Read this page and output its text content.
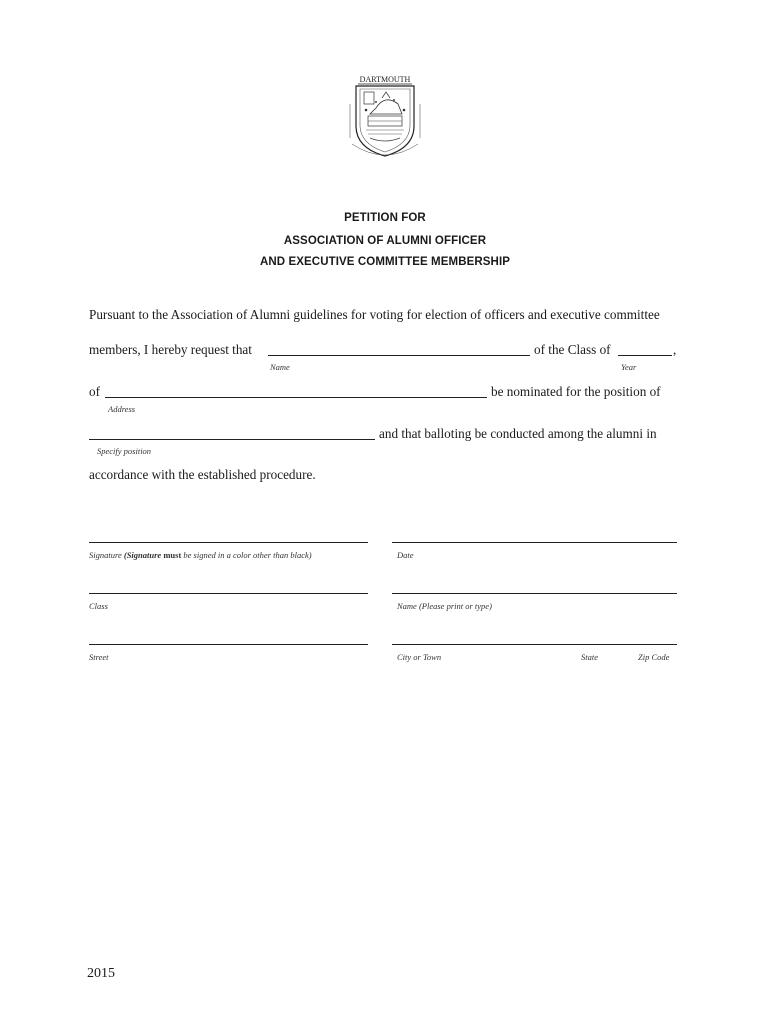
DARTMOUTH
PETITION FOR
ASSOCIATION OF ALUMNI OFFICER
AND EXECUTIVE COMMITTEE MEMBERSHIP
Pursuant to the Association of Alumni guidelines for voting for election of officers and executive committee
members, I hereby request that	of the Class of	,
Name	Year
of	be nominated for the position of
Address
and that balloting be conducted among the alumni in
Specify position
accordance with the established procedure.
Signature (Signature must be signed in a color other than black)	Date
Class	Name (Please print or type)
Street	City or Town	State	Zip Code
2015
